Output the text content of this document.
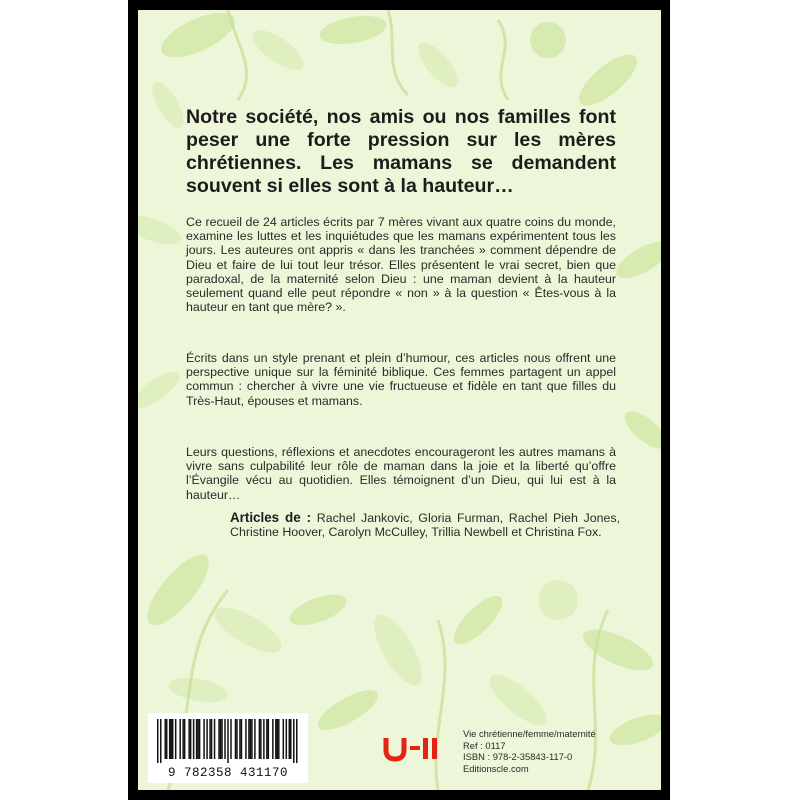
Notre société, nos amis ou nos familles font peser une forte pression sur les mères chrétiennes. Les mamans se demandent souvent si elles sont à la hauteur…

Ce recueil de 24 articles écrits par 7 mères vivant aux quatre coins du monde, examine les luttes et les inquiétudes que les mamans expérimentent tous les jours. Les auteures ont appris « dans les tranchées » comment dépendre de Dieu et faire de lui tout leur trésor. Elles présentent le vrai secret, bien que paradoxal, de la maternité selon Dieu : une maman devient à la hauteur seulement quand elle peut répondre « non » à la question « Êtes-vous à la hauteur en tant que mère? ».

Écrits dans un style prenant et plein d’humour, ces articles nous offrent une perspective unique sur la féminité biblique. Ces femmes partagent un appel commun : chercher à vivre une vie fructueuse et fidèle en tant que filles du Très-Haut, épouses et mamans.

Leurs questions, réflexions et anecdotes encourageront les autres mamans à vivre sans culpabilité leur rôle de maman dans la joie et la liberté qu’offre l’Évangile vécu au quotidien. Elles témoignent d’un Dieu, qui lui est à la hauteur…

Articles de : Rachel Jankovic, Gloria Furman, Rachel Pieh Jones, Christine Hoover, Carolyn McCulley, Trillia Newbell et Christina Fox.

9 782358 431170
Vie chrétienne/femme/maternité
Ref : 0117
ISBN : 978-2-35843-117-0
Editionscle.com
